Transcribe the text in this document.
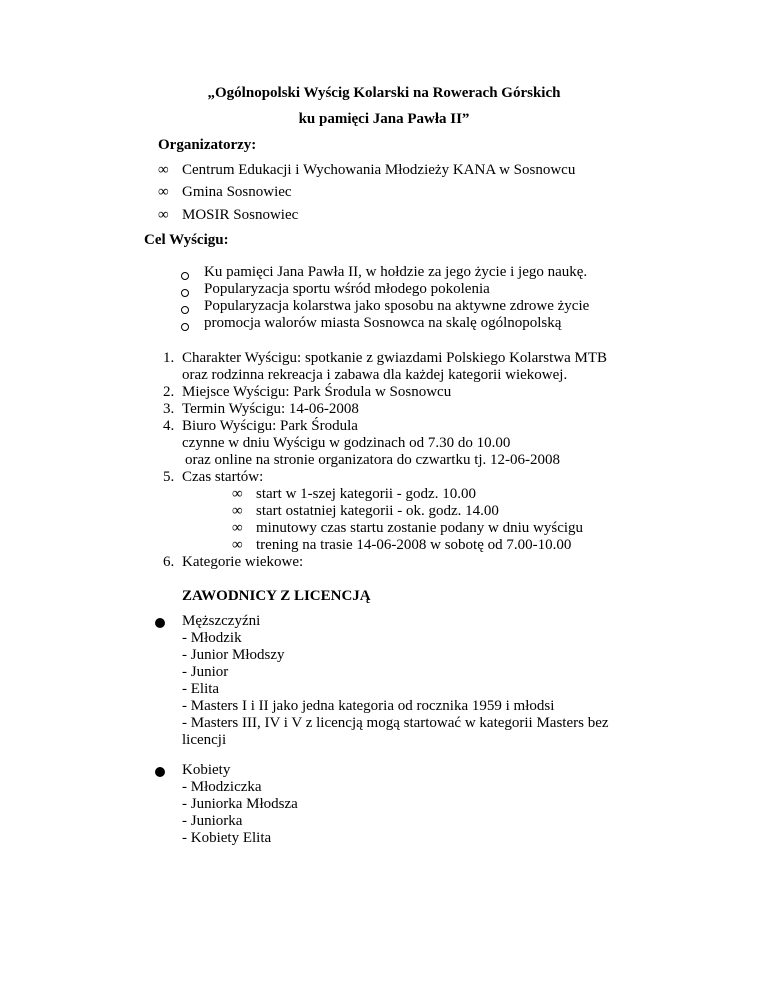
„Ogólnopolski Wyścig Kolarski na Rowerach Górskich
ku pamięci Jana Pawła II”
Organizatorzy:
∞ Centrum Edukacji i Wychowania Młodzieży KANA w Sosnowcu
∞ Gmina Sosnowiec
∞ MOSIR Sosnowiec
Cel Wyścigu:
Ku pamięci Jana Pawła II, w hołdzie za jego życie i jego naukę.
Popularyzacja sportu wśród młodego pokolenia
Popularyzacja kolarstwa jako sposobu na aktywne zdrowe życie
promocja walorów miasta Sosnowca na skalę ogólnopolską
1. Charakter Wyścigu: spotkanie z gwiazdami Polskiego Kolarstwa MTB
oraz rodzinna rekreacja i zabawa dla każdej kategorii wiekowej.
2. Miejsce Wyścigu: Park Środula w Sosnowcu
3. Termin Wyścigu: 14-06-2008
4. Biuro Wyścigu: Park Środula
czynne w dniu Wyścigu w godzinach od 7.30 do 10.00
oraz online na stronie organizatora do czwartku tj. 12-06-2008
5. Czas startów:
∞ start w 1-szej kategorii - godz. 10.00
∞ start ostatniej kategorii - ok. godz. 14.00
∞ minutowy czas startu zostanie podany w dniu wyścigu
∞ trening na trasie 14-06-2008 w sobotę od 7.00-10.00
6. Kategorie wiekowe:
ZAWODNICY Z LICENCJĄ
Męższczyźni
- Młodzik
- Junior Młodszy
- Junior
- Elita
- Masters I i II jako jedna kategoria od rocznika 1959 i młodsi
- Masters III, IV i V z licencją mogą startować w kategorii Masters bez
licencji
Kobiety
- Młodziczka
- Juniorka Młodsza
- Juniorka
- Kobiety Elita
